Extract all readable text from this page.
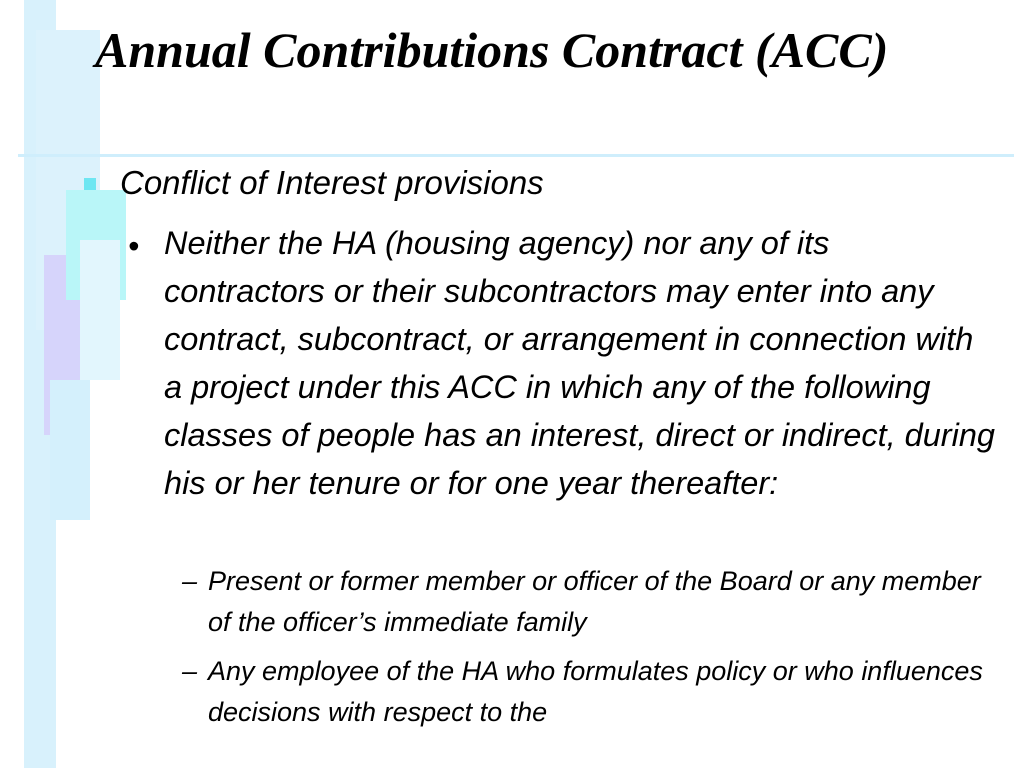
Annual Contributions Contract (ACC)
Conflict of Interest provisions
• Neither the HA (housing agency) nor any of its contractors or their subcontractors may enter into any contract, subcontract, or arrangement in connection with a project under this ACC in which any of the following classes of people has an interest, direct or indirect, during his or her tenure or for one year thereafter:
– Present or former member or officer of the Board or any member of the officer’s immediate family
– Any employee of the HA who formulates policy or who influences decisions with respect to the
